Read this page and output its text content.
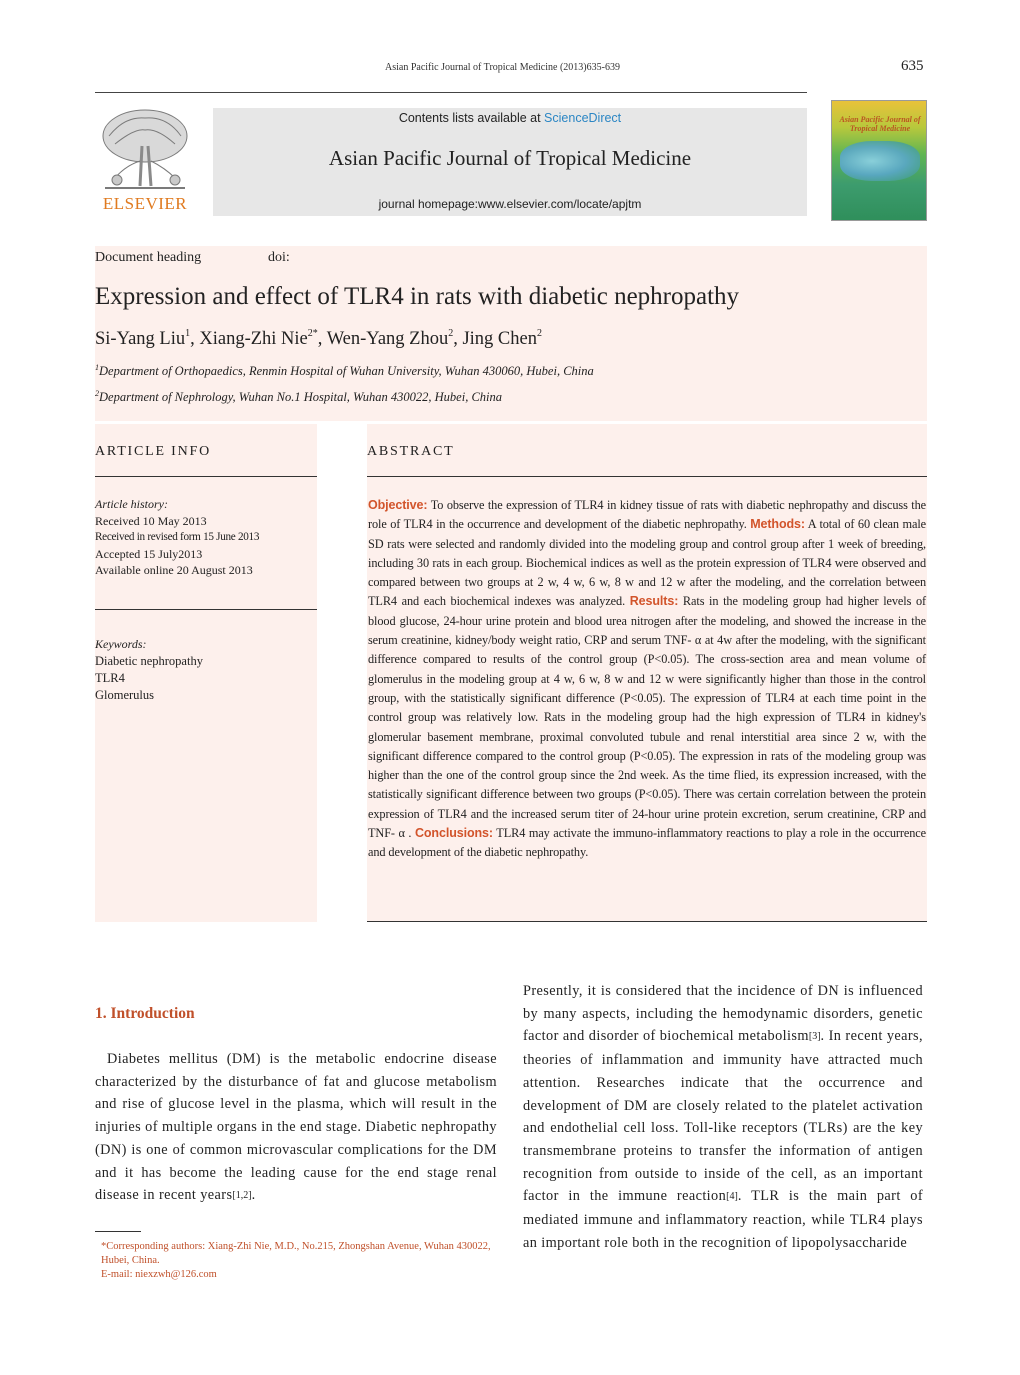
Asian Pacific Journal of Tropical Medicine (2013)635-639	635
ELSEVIER
Contents lists available at ScienceDirect
Asian Pacific Journal of Tropical Medicine
journal homepage:www.elsevier.com/locate/apjtm
Asian Pacific Journal of Tropical Medicine
Document heading	doi:
Expression and effect of TLR4 in rats with diabetic nephropathy
Si-Yang Liu$^1$, Xiang-Zhi Nie$^{2*}$, Wen-Yang Zhou$^2$, Jing Chen$^2$
$^1$Department of Orthopaedics, Renmin Hospital of Wuhan University, Wuhan 430060, Hubei, China
$^2$Department of Nephrology, Wuhan No.1 Hospital, Wuhan 430022, Hubei, China
ARTICLE INFO
Article history:
Received 10 May 2013
Received in revised form 15 June 2013
Accepted 15 July2013
Available online 20 August 2013
Keywords:
Diabetic nephropathy
TLR4
Glomerulus
ABSTRACT
Objective: To observe the expression of TLR4 in kidney tissue of rats with diabetic nephropathy and discuss the role of TLR4 in the occurrence and development of the diabetic nephropathy. Methods: A total of 60 clean male SD rats were selected and randomly divided into the modeling group and control group after 1 week of breeding, including 30 rats in each group. Biochemical indices as well as the protein expression of TLR4 were observed and compared between two groups at 2 w, 4 w, 6 w, 8 w and 12 w after the modeling, and the correlation between TLR4 and each biochemical indexes was analyzed. Results: Rats in the modeling group had higher levels of blood glucose, 24-hour urine protein and blood urea nitrogen after the modeling, and showed the increase in the serum creatinine, kidney/body weight ratio, CRP and serum TNF- α at 4w after the modeling, with the significant difference compared to results of the control group (P<0.05). The cross-section area and mean volume of glomerulus in the modeling group at 4 w, 6 w, 8 w and 12 w were significantly higher than those in the control group, with the statistically significant difference (P<0.05). The expression of TLR4 at each time point in the control group was relatively low. Rats in the modeling group had the high expression of TLR4 in kidney's glomerular basement membrane, proximal convoluted tubule and renal interstitial area since 2 w, with the significant difference compared to the control group (P<0.05). The expression in rats of the modeling group was higher than the one of the control group since the 2nd week. As the time flied, its expression increased, with the statistically significant difference between two groups (P<0.05). There was certain correlation between the protein expression of TLR4 and the increased serum titer of 24-hour urine protein excretion, serum creatinine, CRP and TNF- α . Conclusions: TLR4 may activate the immuno-inflammatory reactions to play a role in the occurrence and development of the diabetic nephropathy.
1. Introduction
Diabetes mellitus (DM) is the metabolic endocrine disease characterized by the disturbance of fat and glucose metabolism and rise of glucose level in the plasma, which will result in the injuries of multiple organs in the end stage. Diabetic nephropathy (DN) is one of common microvascular complications for the DM and it has become the leading cause for the end stage renal disease in recent years[1,2].
Presently, it is considered that the incidence of DN is influenced by many aspects, including the hemodynamic disorders, genetic factor and disorder of biochemical metabolism[3]. In recent years, theories of inflammation and immunity have attracted much attention. Researches indicate that the occurrence and development of DM are closely related to the platelet activation and endothelial cell loss. Toll-like receptors (TLRs) are the key transmembrane proteins to transfer the information of antigen recognition from outside to inside of the cell, as an important factor in the immune reaction[4]. TLR is the main part of mediated immune and inflammatory reaction, while TLR4 plays an important role both in the recognition of lipopolysaccharide
*Corresponding authors: Xiang-Zhi Nie, M.D., No.215, Zhongshan Avenue, Wuhan 430022, Hubei, China.
E-mail: niexzwh@126.com
